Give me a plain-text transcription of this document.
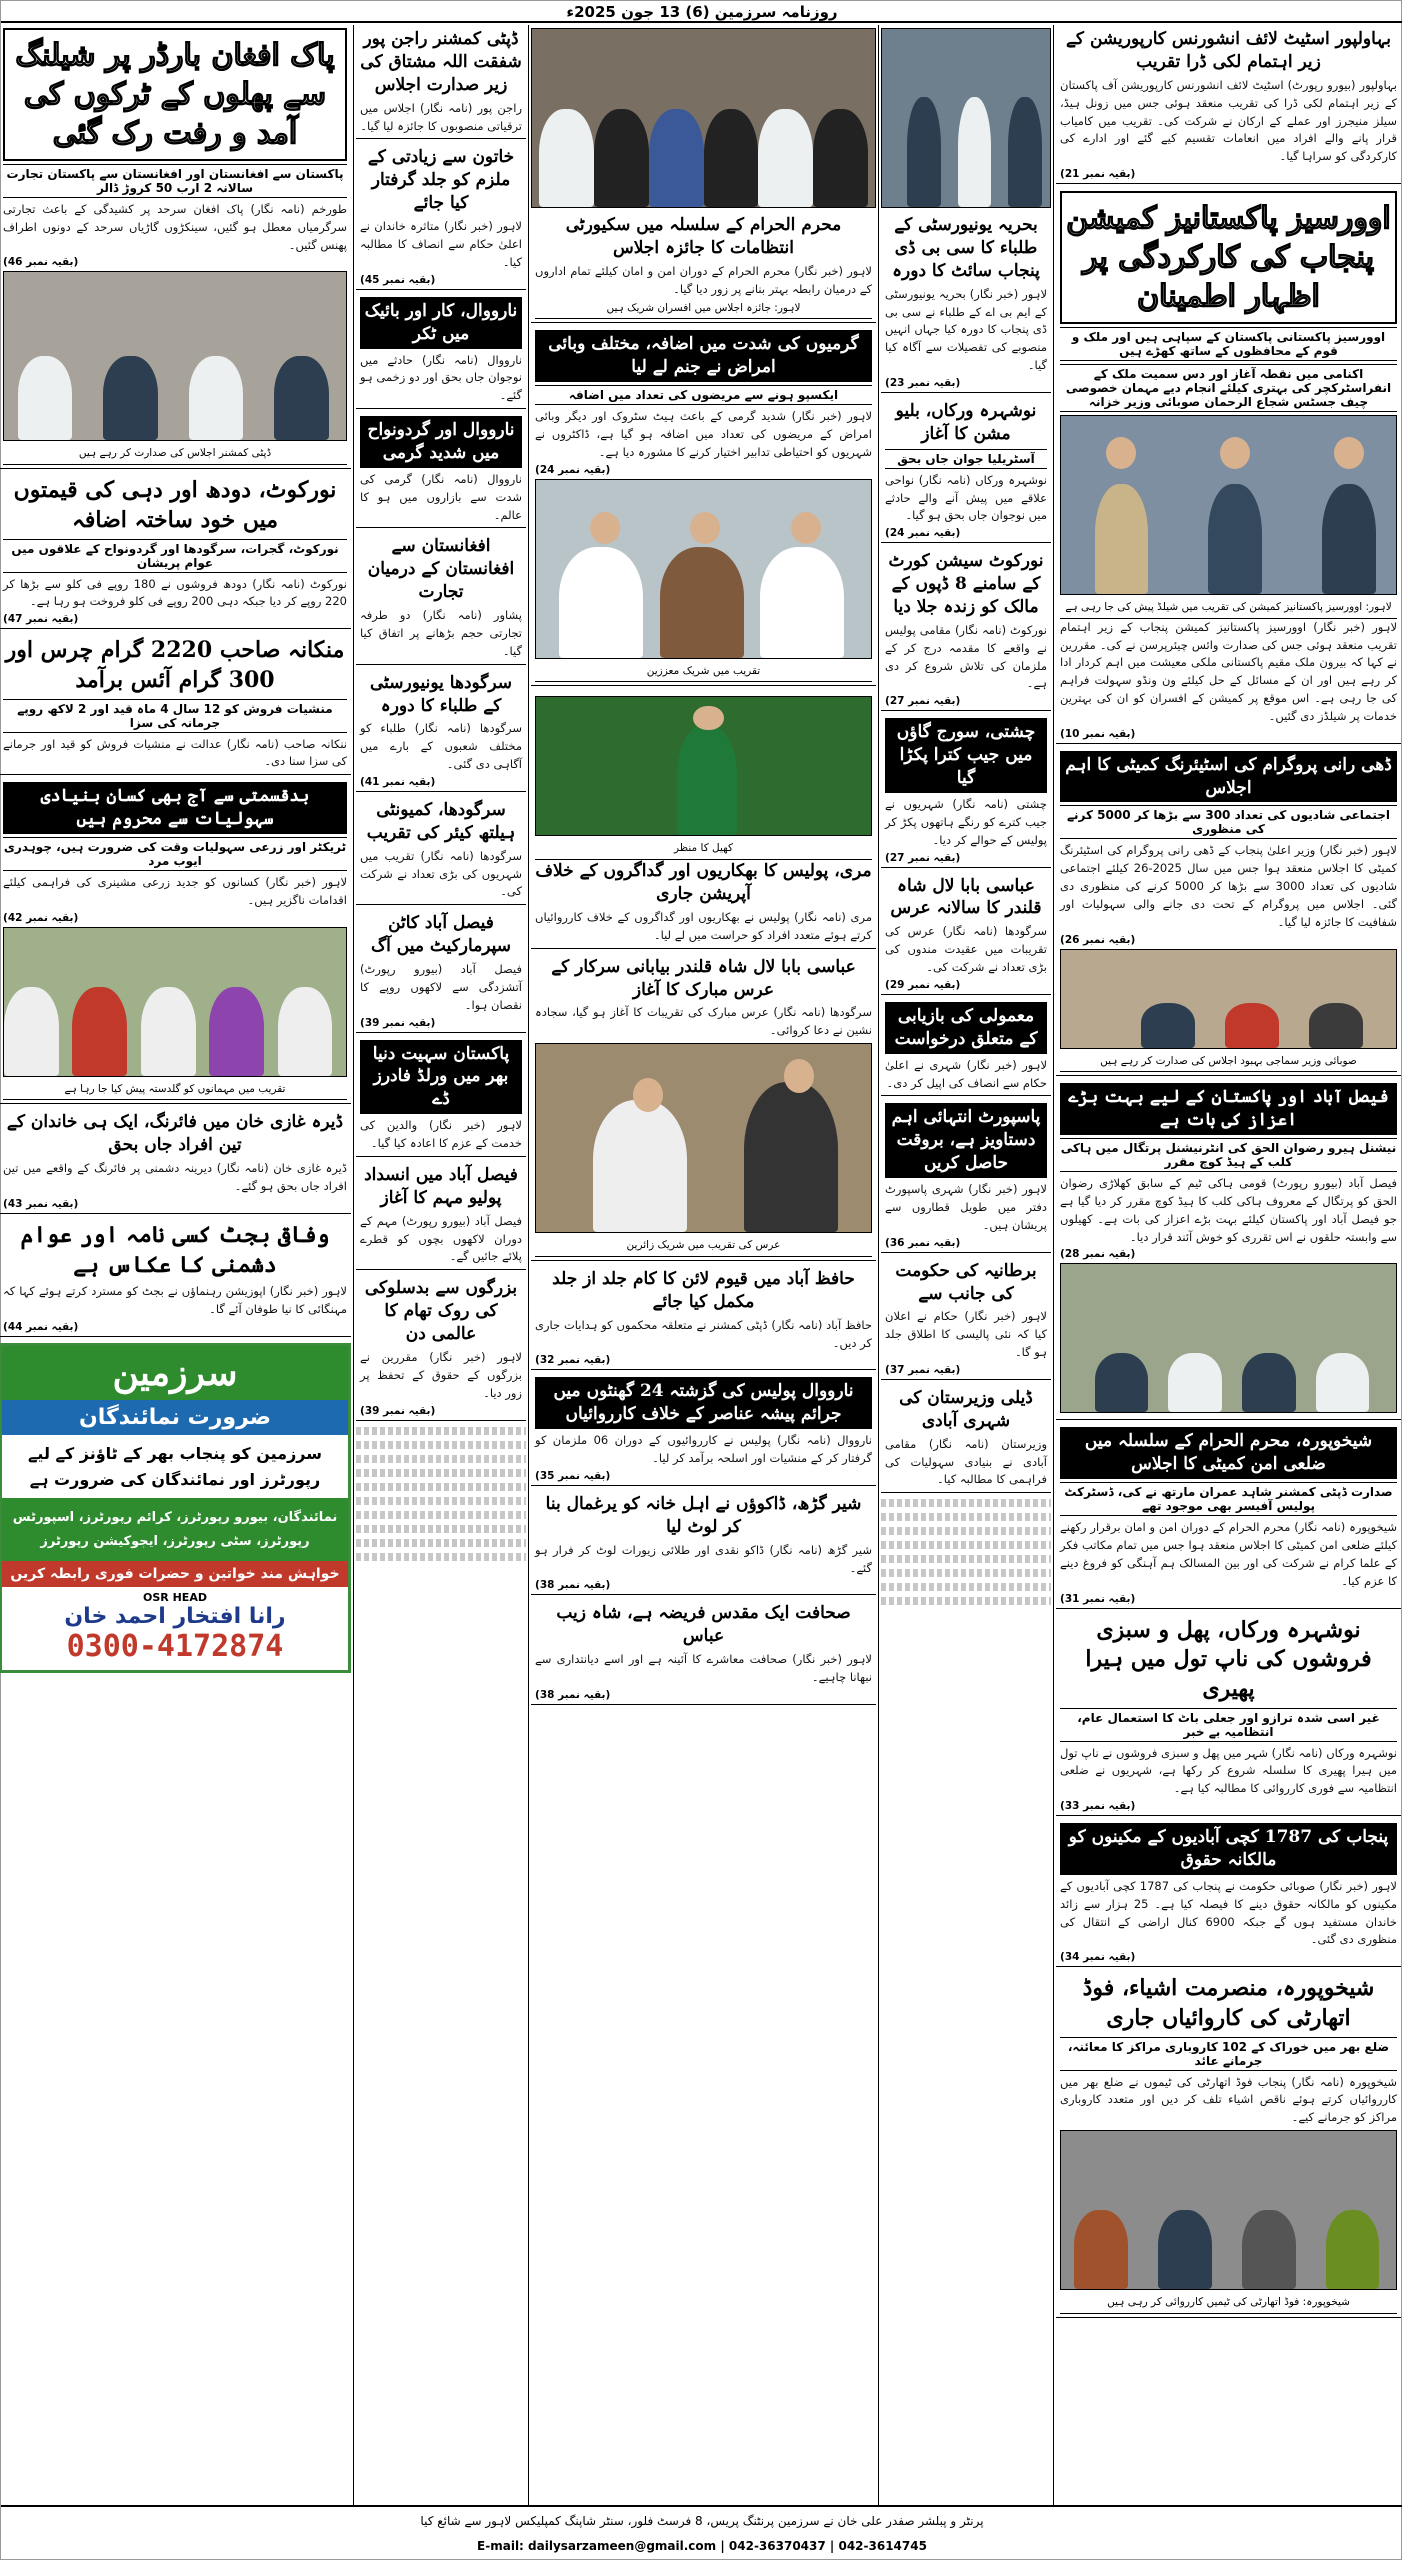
روزنامہ سرزمین (6) 13 جون 2025ء
بہاولپور اسٹیٹ لائف انشورنس کارپوریشن کے زیر اہتمام لکی ڈرا تقریب
بہاولپور (بیورو رپورٹ) اسٹیٹ لائف انشورنس کارپوریشن آف پاکستان کے زیر اہتمام لکی ڈرا کی تقریب منعقد ہوئی جس میں زونل ہیڈ، سیلز منیجرز اور عملے کے ارکان نے شرکت کی۔ تقریب میں کامیاب قرار پانے والے افراد میں انعامات تقسیم کیے گئے اور ادارے کی کارکردگی کو سراہا گیا۔
(بقیہ نمبر 21)
اوورسیز پاکستانیز کمیشن پنجاب کی کارکردگی پر اظہار اطمینان
اوورسیز پاکستانی پاکستان کے سپاہی ہیں اور ملک و قوم کے محافظوں کے ساتھ کھڑے ہیں
اکنامی میں نقطہ آغاز اور دس سمیت ملک کے انفراسٹرکچر کی بہتری کیلئے انجام دیے مہمان خصوصی چیف جسٹس شجاع الرحمان صوبائی وزیر خزانہ
لاہور: اوورسیز پاکستانیز کمیشن کی تقریب میں شیلڈ پیش کی جا رہی ہے
لاہور (خبر نگار) اوورسیز پاکستانیز کمیشن پنجاب کے زیر اہتمام تقریب منعقد ہوئی جس کی صدارت وائس چیئرپرسن نے کی۔ مقررین نے کہا کہ بیرون ملک مقیم پاکستانی ملکی معیشت میں اہم کردار ادا کر رہے ہیں اور ان کے مسائل کے حل کیلئے ون ونڈو سہولت فراہم کی جا رہی ہے۔ اس موقع پر کمیشن کے افسران کو ان کی بہترین خدمات پر شیلڈز دی گئیں۔
(بقیہ نمبر 10)
ڈھی رانی پروگرام کی اسٹیئرنگ کمیٹی کا اہم اجلاس
اجتماعی شادیوں کی تعداد 300 سے بڑھا کر 5000 کرنے کی منظوری
لاہور (خبر نگار) وزیر اعلیٰ پنجاب کے ڈھی رانی پروگرام کی اسٹیئرنگ کمیٹی کا اجلاس منعقد ہوا جس میں سال 2025-26 کیلئے اجتماعی شادیوں کی تعداد 3000 سے بڑھا کر 5000 کرنے کی منظوری دی گئی۔ اجلاس میں پروگرام کے تحت دی جانے والی سہولیات اور شفافیت کا جائزہ لیا گیا۔
(بقیہ نمبر 26)
صوبائی وزیر سماجی بہبود اجلاس کی صدارت کر رہے ہیں
فیصل آباد اور پاکستان کے لیے بہت بڑے اعزاز کی بات ہے
نیشنل ہیرو رضوان الحق کی انٹرنیشنل پرتگال میں ہاکی کلب کے ہیڈ کوچ مقرر
فیصل آباد (بیورو رپورٹ) قومی ہاکی ٹیم کے سابق کھلاڑی رضوان الحق کو پرتگال کے معروف ہاکی کلب کا ہیڈ کوچ مقرر کر دیا گیا ہے جو فیصل آباد اور پاکستان کیلئے بہت بڑے اعزاز کی بات ہے۔ کھیلوں سے وابستہ حلقوں نے اس تقرری کو خوش آئند قرار دیا۔
(بقیہ نمبر 28)
شیخوپورہ، محرم الحرام کے سلسلہ میں ضلعی امن کمیٹی کا اجلاس
صدارت ڈپٹی کمشنر شاہد عمران مارتھ نے کی، ڈسٹرکٹ پولیس آفیسر بھی موجود تھے
شیخوپورہ (نامہ نگار) محرم الحرام کے دوران امن و امان برقرار رکھنے کیلئے ضلعی امن کمیٹی کا اجلاس منعقد ہوا جس میں تمام مکاتب فکر کے علما کرام نے شرکت کی اور بین المسالک ہم آہنگی کو فروغ دینے کا عزم کیا۔
(بقیہ نمبر 31)
نوشہرہ ورکاں، پھل و سبزی فروشوں کی ناپ تول میں ہیرا پھیری
غیر اسی شدہ ترازو اور جعلی باٹ کا استعمال عام، انتظامیہ بے خبر
نوشہرہ ورکاں (نامہ نگار) شہر میں پھل و سبزی فروشوں نے ناپ تول میں ہیرا پھیری کا سلسلہ شروع کر رکھا ہے، شہریوں نے ضلعی انتظامیہ سے فوری کارروائی کا مطالبہ کیا ہے۔
(بقیہ نمبر 33)
پنجاب کی 1787 کچی آبادیوں کے مکینوں کو مالکانہ حقوق
لاہور (خبر نگار) صوبائی حکومت نے پنجاب کی 1787 کچی آبادیوں کے مکینوں کو مالکانہ حقوق دینے کا فیصلہ کیا ہے۔ 25 ہزار سے زائد خاندان مستفید ہوں گے جبکہ 6900 کنال اراضی کے انتقال کی منظوری دی گئی۔
(بقیہ نمبر 34)
شیخوپورہ، منصرمت اشیاء، فوڈ اتھارٹی کی کاروائیاں جاری
ضلع بھر میں خوراک کے 102 کاروباری مراکز کا معائنہ، جرمانے عائد
شیخوپورہ (نامہ نگار) پنجاب فوڈ اتھارٹی کی ٹیموں نے ضلع بھر میں کارروائیاں کرتے ہوئے ناقص اشیاء تلف کر دیں اور متعدد کاروباری مراکز کو جرمانے کیے۔
شیخوپورہ: فوڈ اتھارٹی کی ٹیمیں کارروائی کر رہی ہیں
بحریہ یونیورسٹی کے طلباء کا سی بی ڈی پنجاب سائٹ کا دورہ
لاہور (خبر نگار) بحریہ یونیورسٹی کے ایم بی اے کے طلباء نے سی بی ڈی پنجاب کا دورہ کیا جہاں انہیں منصوبے کی تفصیلات سے آگاہ کیا گیا۔
(بقیہ نمبر 23)
نوشہرہ ورکاں، بلیو مشن کا آغاز
آسٹریلیا جوان جاں بحق
نوشہرہ ورکاں (نامہ نگار) نواحی علاقے میں پیش آنے والے حادثے میں نوجوان جاں بحق ہو گیا۔
(بقیہ نمبر 24)
نورکوٹ سیشن کورٹ کے سامنے 8 ڈپوں کے مالک کو زندہ جلا دیا
نورکوٹ (نامہ نگار) مقامی پولیس نے واقعے کا مقدمہ درج کر کے ملزمان کی تلاش شروع کر دی ہے۔
(بقیہ نمبر 27)
چشتی، سورج گاؤں میں جیب کترا پکڑا گیا
چشتی (نامہ نگار) شہریوں نے جیب کترے کو رنگے ہاتھوں پکڑ کر پولیس کے حوالے کر دیا۔
(بقیہ نمبر 27)
عباسی بابا لال شاہ قلندر کا سالانہ عرس
سرگودھا (نامہ نگار) عرس کی تقریبات میں عقیدت مندوں کی بڑی تعداد نے شرکت کی۔
(بقیہ نمبر 29)
معمولی کی بازیابی کے متعلق درخواست
لاہور (خبر نگار) شہری نے اعلیٰ حکام سے انصاف کی اپیل کر دی۔
پاسپورٹ انتہائی اہم دستاویز ہے، بروقت حاصل کریں
لاہور (خبر نگار) شہری پاسپورٹ دفتر میں طویل قطاروں سے پریشان ہیں۔
(بقیہ نمبر 36)
برطانیہ کی حکومت کی جانب سے
لاہور (خبر نگار) حکام نے اعلان کیا کہ نئی پالیسی کا اطلاق جلد ہو گا۔
(بقیہ نمبر 37)
ڈیلی وزیرستان کی شہری آبادی
وزیرستان (نامہ نگار) مقامی آبادی نے بنیادی سہولیات کی فراہمی کا مطالبہ کیا۔
محرم الحرام کے سلسلہ میں سکیورٹی انتظامات کا جائزہ اجلاس
لاہور (خبر نگار) محرم الحرام کے دوران امن و امان کیلئے تمام اداروں کے درمیان رابطہ بہتر بنانے پر زور دیا گیا۔
لاہور: جائزہ اجلاس میں افسران شریک ہیں
گرمیوں کی شدت میں اضافہ، مختلف وبائی امراض نے جنم لے لیا
ایکسپو ہونے سے مریضوں کی تعداد میں اضافہ
لاہور (خبر نگار) شدید گرمی کے باعث ہیٹ سٹروک اور دیگر وبائی امراض کے مریضوں کی تعداد میں اضافہ ہو گیا ہے، ڈاکٹروں نے شہریوں کو احتیاطی تدابیر اختیار کرنے کا مشورہ دیا ہے۔
(بقیہ نمبر 24)
تقریب میں شریک معززین
کھیل کا منظر
مری، پولیس کا بھکاریوں اور گداگروں کے خلاف آپریشن جاری
مری (نامہ نگار) پولیس نے بھکاریوں اور گداگروں کے خلاف کارروائیاں کرتے ہوئے متعدد افراد کو حراست میں لے لیا۔
عباسی بابا لال شاہ قلندر بیابانی سرکار کے عرس مبارک کا آغاز
سرگودھا (نامہ نگار) عرس مبارک کی تقریبات کا آغاز ہو گیا، سجادہ نشین نے دعا کروائی۔
عرس کی تقریب میں شریک زائرین
حافظ آباد میں قیوم لائن کا کام جلد از جلد مکمل کیا جائے
حافظ آباد (نامہ نگار) ڈپٹی کمشنر نے متعلقہ محکموں کو ہدایات جاری کر دیں۔
(بقیہ نمبر 32)
نارووال پولیس کی گزشتہ 24 گھنٹوں میں جرائم پیشہ عناصر کے خلاف کارروائیاں
نارووال (نامہ نگار) پولیس نے کارروائیوں کے دوران 06 ملزمان کو گرفتار کر کے منشیات اور اسلحہ برآمد کر لیا۔
(بقیہ نمبر 35)
شیر گڑھ، ڈاکوؤں نے اہل خانہ کو یرغمال بنا کر لوٹ لیا
شیر گڑھ (نامہ نگار) ڈاکو نقدی اور طلائی زیورات لوٹ کر فرار ہو گئے۔
(بقیہ نمبر 38)
صحافت ایک مقدس فریضہ ہے، شاہ زیب عباس
لاہور (خبر نگار) صحافت معاشرے کا آئینہ ہے اور اسے دیانتداری سے نبھانا چاہیے۔
(بقیہ نمبر 38)
ڈپٹی کمشنر راجن پور شفقت اللہ مشتاق کی زیر صدارت اجلاس
راجن پور (نامہ نگار) اجلاس میں ترقیاتی منصوبوں کا جائزہ لیا گیا۔
خاتون سے زیادتی کے ملزم کو جلد گرفتار کیا جائے
لاہور (خبر نگار) متاثرہ خاندان نے اعلیٰ حکام سے انصاف کا مطالبہ کیا۔
(بقیہ نمبر 45)
نارووال، کار اور بائیک میں ٹکر
نارووال (نامہ نگار) حادثے میں نوجوان جاں بحق اور دو زخمی ہو گئے۔
نارووال اور گردونواح میں شدید گرمی
نارووال (نامہ نگار) گرمی کی شدت سے بازاروں میں ہو کا عالم۔
افغانستان سے افغانستان کے درمیان تجارت
پشاور (نامہ نگار) دو طرفہ تجارتی حجم بڑھانے پر اتفاق کیا گیا۔
سرگودھا یونیورسٹی کے طلباء کا دورہ
سرگودھا (نامہ نگار) طلباء کو مختلف شعبوں کے بارے میں آگاہی دی گئی۔
(بقیہ نمبر 41)
سرگودھا، کمیونٹی ہیلتھ کیئر کی تقریب
سرگودھا (نامہ نگار) تقریب میں شہریوں کی بڑی تعداد نے شرکت کی۔
فیصل آباد کاٹن سپرمارکیٹ میں آگ
فیصل آباد (بیورو رپورٹ) آتشزدگی سے لاکھوں روپے کا نقصان ہوا۔
(بقیہ نمبر 39)
پاکستان سہیت دنیا بھر میں ورلڈ فادرز ڈے
لاہور (خبر نگار) والدین کی خدمت کے عزم کا اعادہ کیا گیا۔
فیصل آباد میں انسداد پولیو مہم کا آغاز
فیصل آباد (بیورو رپورٹ) مہم کے دوران لاکھوں بچوں کو قطرے پلائے جائیں گے۔
بزرگوں سے بدسلوکی کی روک تھام کا عالمی دن
لاہور (خبر نگار) مقررین نے بزرگوں کے حقوق کے تحفظ پر زور دیا۔
(بقیہ نمبر 39)
پاک افغان بارڈر پر شیلنگ سے پھلوں کے ٹرکوں کی آمد و رفت رک گئی
پاکستان سے افغانستان اور افغانستان سے پاکستان تجارت سالانہ 2 ارب 50 کروڑ ڈالر
طورخم (نامہ نگار) پاک افغان سرحد پر کشیدگی کے باعث تجارتی سرگرمیاں معطل ہو گئیں، سینکڑوں گاڑیاں سرحد کے دونوں اطراف پھنس گئیں۔
(بقیہ نمبر 46)
ڈپٹی کمشنر اجلاس کی صدارت کر رہے ہیں
نورکوٹ، دودھ اور دہی کی قیمتوں میں خود ساختہ اضافہ
نورکوٹ، گجرات، سرگودھا اور گردونواح کے علاقوں میں عوام پریشان
نورکوٹ (نامہ نگار) دودھ فروشوں نے 180 روپے فی کلو سے بڑھا کر 220 روپے کر دیا جبکہ دہی 200 روپے فی کلو فروخت ہو رہا ہے۔
(بقیہ نمبر 47)
منکانہ صاحب 2220 گرام چرس اور 300 گرام آئس برآمد
منشیات فروش کو 12 سال 4 ماہ قید اور 2 لاکھ روپے جرمانہ کی سزا
ننکانہ صاحب (نامہ نگار) عدالت نے منشیات فروش کو قید اور جرمانے کی سزا سنا دی۔
بدقسمتی سے آج بھی کسان بنیادی سہولیات سے محروم ہیں
ٹریکٹر اور زرعی سہولیات وقت کی ضرورت ہیں، چوہدری ایوب مرد
لاہور (خبر نگار) کسانوں کو جدید زرعی مشینری کی فراہمی کیلئے اقدامات ناگزیر ہیں۔
(بقیہ نمبر 42)
تقریب میں مہمانوں کو گلدستہ پیش کیا جا رہا ہے
ڈیرہ غازی خان میں فائرنگ، ایک ہی خاندان کے تین افراد جاں بحق
ڈیرہ غازی خان (نامہ نگار) دیرینہ دشمنی پر فائرنگ کے واقعے میں تین افراد جاں بحق ہو گئے۔
(بقیہ نمبر 43)
وفاقی بجٹ کسی نامہ اور عوام دشمنی کا عکاس ہے
لاہور (خبر نگار) اپوزیشن رہنماؤں نے بجٹ کو مسترد کرتے ہوئے کہا کہ مہنگائی کا نیا طوفان آئے گا۔
(بقیہ نمبر 44)
سرزمین
ضرورت نمائندگان
سرزمین کو پنجاب بھر کے ٹاؤنز کے لیے رپورٹرز اور نمائندگان کی ضرورت ہے
نمائندگان، بیورو رپورٹرز، کرائم رپورٹرز، اسپورٹس رپورٹرز، سٹی رپورٹرز، ایجوکیشن رپورٹرز
خواہش مند خواتین و حضرات فوری رابطہ کریں
OSR HEAD
رانا افتخار احمد خان
0300-4172874
پرنٹر و پبلشر صفدر علی خان نے سرزمین پرنٹنگ پریس، 8 فرسٹ فلور، سنٹر شاپنگ کمپلیکس لاہور سے شائع کیا
E-mail: dailysarzameen@gmail.com | 042-36370437 | 042-3614745
